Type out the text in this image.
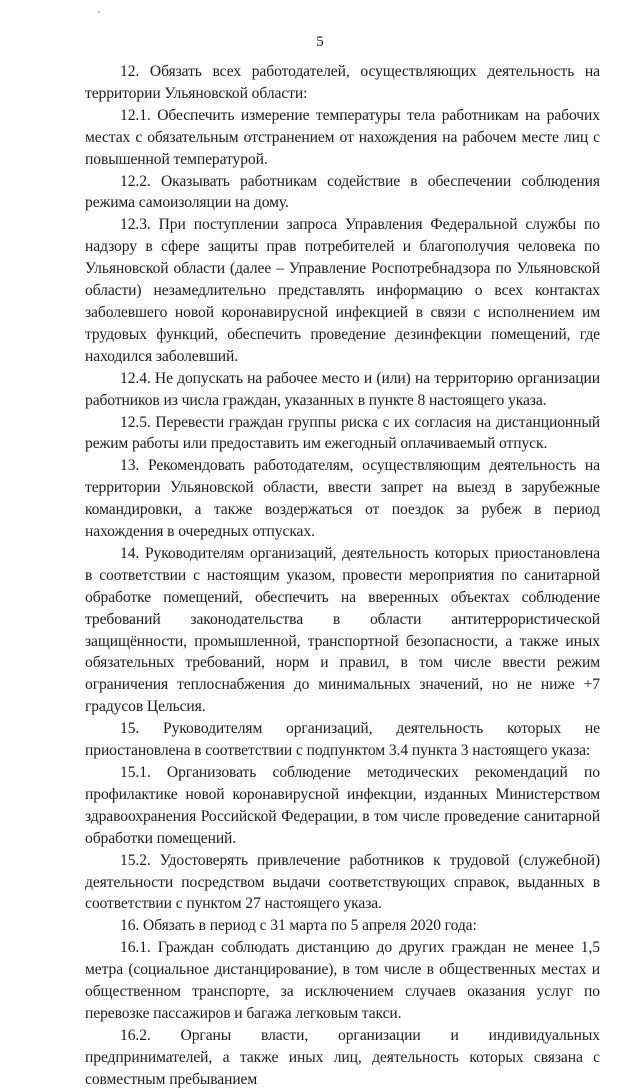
5

12. Обязать всех работодателей, осуществляющих деятельность на территории Ульяновской области:

12.1. Обеспечить измерение температуры тела работникам на рабочих местах с обязательным отстранением от нахождения на рабочем месте лиц с повышенной температурой.

12.2. Оказывать работникам содействие в обеспечении соблюдения режима самоизоляции на дому.

12.3. При поступлении запроса Управления Федеральной службы по надзору в сфере защиты прав потребителей и благополучия человека по Ульяновской области (далее – Управление Роспотребнадзора по Ульяновской области) незамедлительно представлять информацию о всех контактах заболевшего новой коронавирусной инфекцией в связи с исполнением им трудовых функций, обеспечить проведение дезинфекции помещений, где находился заболевший.

12.4. Не допускать на рабочее место и (или) на территорию организации работников из числа граждан, указанных в пункте 8 настоящего указа.

12.5. Перевести граждан группы риска с их согласия на дистанционный режим работы или предоставить им ежегодный оплачиваемый отпуск.

13. Рекомендовать работодателям, осуществляющим деятельность на территории Ульяновской области, ввести запрет на выезд в зарубежные командировки, а также воздержаться от поездок за рубеж в период нахождения в очередных отпусках.

14. Руководителям организаций, деятельность которых приостановлена в соответствии с настоящим указом, провести мероприятия по санитарной обработке помещений, обеспечить на вверенных объектах соблюдение требований законодательства в области антитеррористической защищённости, промышленной, транспортной безопасности, а также иных обязательных требований, норм и правил, в том числе ввести режим ограничения теплоснабжения до минимальных значений, но не ниже +7 градусов Цельсия.

15. Руководителям организаций, деятельность которых не приостановлена в соответствии с подпунктом 3.4 пункта 3 настоящего указа:

15.1. Организовать соблюдение методических рекомендаций по профилактике новой коронавирусной инфекции, изданных Министерством здравоохранения Российской Федерации, в том числе проведение санитарной обработки помещений.

15.2. Удостоверять привлечение работников к трудовой (служебной) деятельности посредством выдачи соответствующих справок, выданных в соответствии с пунктом 27 настоящего указа.

16. Обязать в период с 31 марта по 5 апреля 2020 года:

16.1. Граждан соблюдать дистанцию до других граждан не менее 1,5 метра (социальное дистанцирование), в том числе в общественных местах и общественном транспорте, за исключением случаев оказания услуг по перевозке пассажиров и багажа легковым такси.

16.2. Органы власти, организации и индивидуальных предпринимателей, а также иных лиц, деятельность которых связана с совместным пребыванием
